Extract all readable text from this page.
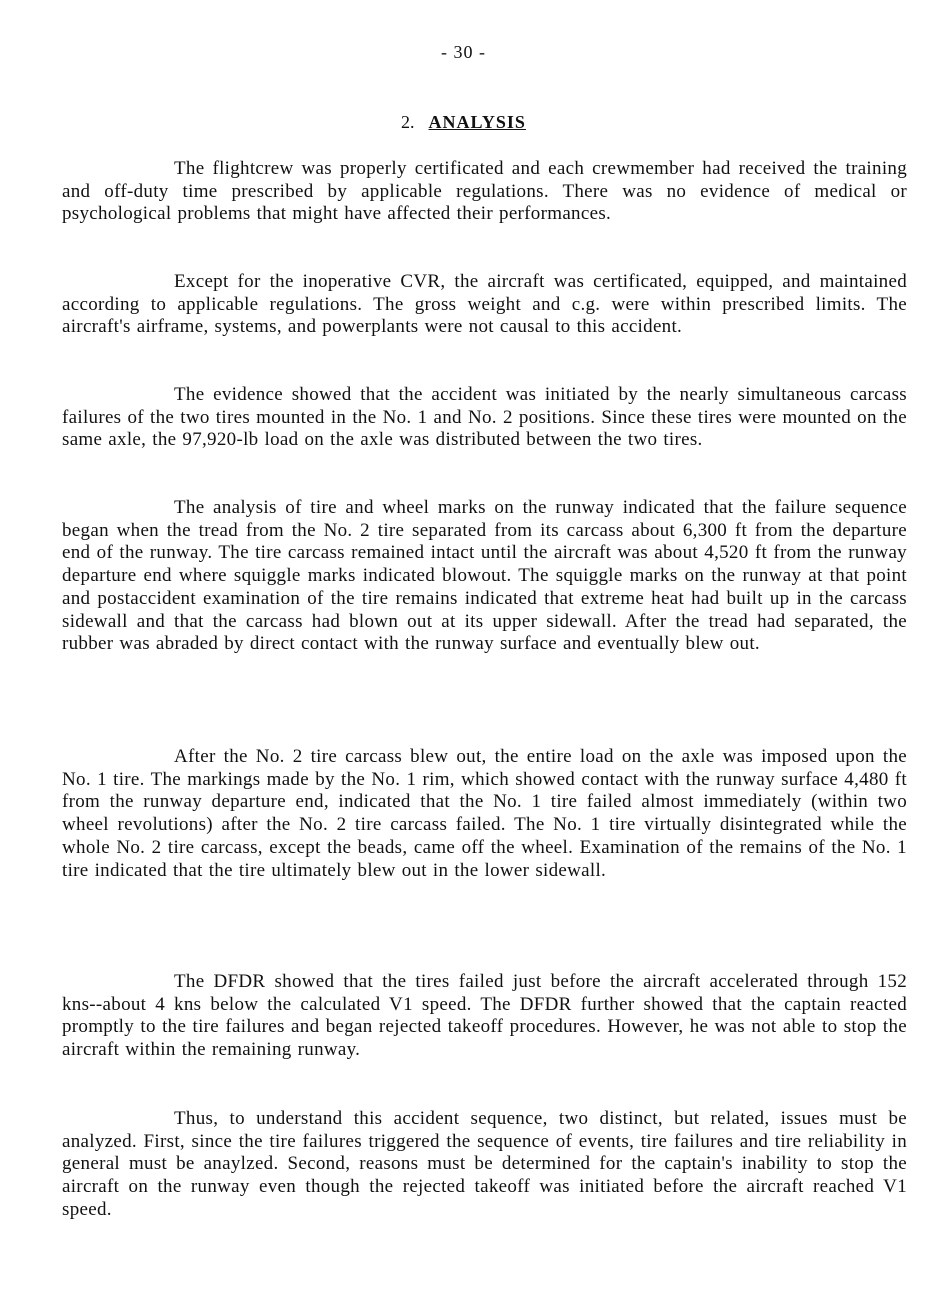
- 30 -
2. ANALYSIS

The flightcrew was properly certificated and each crewmember had received the training and off-duty time prescribed by applicable regulations. There was no evidence of medical or psychological problems that might have affected their performances.

Except for the inoperative CVR, the aircraft was certificated, equipped, and maintained according to applicable regulations. The gross weight and c.g. were within prescribed limits. The aircraft's airframe, systems, and powerplants were not causal to this accident.

The evidence showed that the accident was initiated by the nearly simultaneous carcass failures of the two tires mounted in the No. 1 and No. 2 positions. Since these tires were mounted on the same axle, the 97,920-lb load on the axle was distributed between the two tires.

The analysis of tire and wheel marks on the runway indicated that the failure sequence began when the tread from the No. 2 tire separated from its carcass about 6,300 ft from the departure end of the runway. The tire carcass remained intact until the aircraft was about 4,520 ft from the runway departure end where squiggle marks indicated blowout. The squiggle marks on the runway at that point and postaccident examination of the tire remains indicated that extreme heat had built up in the carcass sidewall and that the carcass had blown out at its upper sidewall. After the tread had separated, the rubber was abraded by direct contact with the runway surface and eventually blew out.

After the No. 2 tire carcass blew out, the entire load on the axle was imposed upon the No. 1 tire. The markings made by the No. 1 rim, which showed contact with the runway surface 4,480 ft from the runway departure end, indicated that the No. 1 tire failed almost immediately (within two wheel revolutions) after the No. 2 tire carcass failed. The No. 1 tire virtually disintegrated while the whole No. 2 tire carcass, except the beads, came off the wheel. Examination of the remains of the No. 1 tire indicated that the tire ultimately blew out in the lower sidewall.

The DFDR showed that the tires failed just before the aircraft accelerated through 152 kns--about 4 kns below the calculated V1 speed. The DFDR further showed that the captain reacted promptly to the tire failures and began rejected takeoff procedures. However, he was not able to stop the aircraft within the remaining runway.

Thus, to understand this accident sequence, two distinct, but related, issues must be analyzed. First, since the tire failures triggered the sequence of events, tire failures and tire reliability in general must be anaylzed. Second, reasons must be determined for the captain's inability to stop the aircraft on the runway even though the rejected takeoff was initiated before the aircraft reached V1 speed.
